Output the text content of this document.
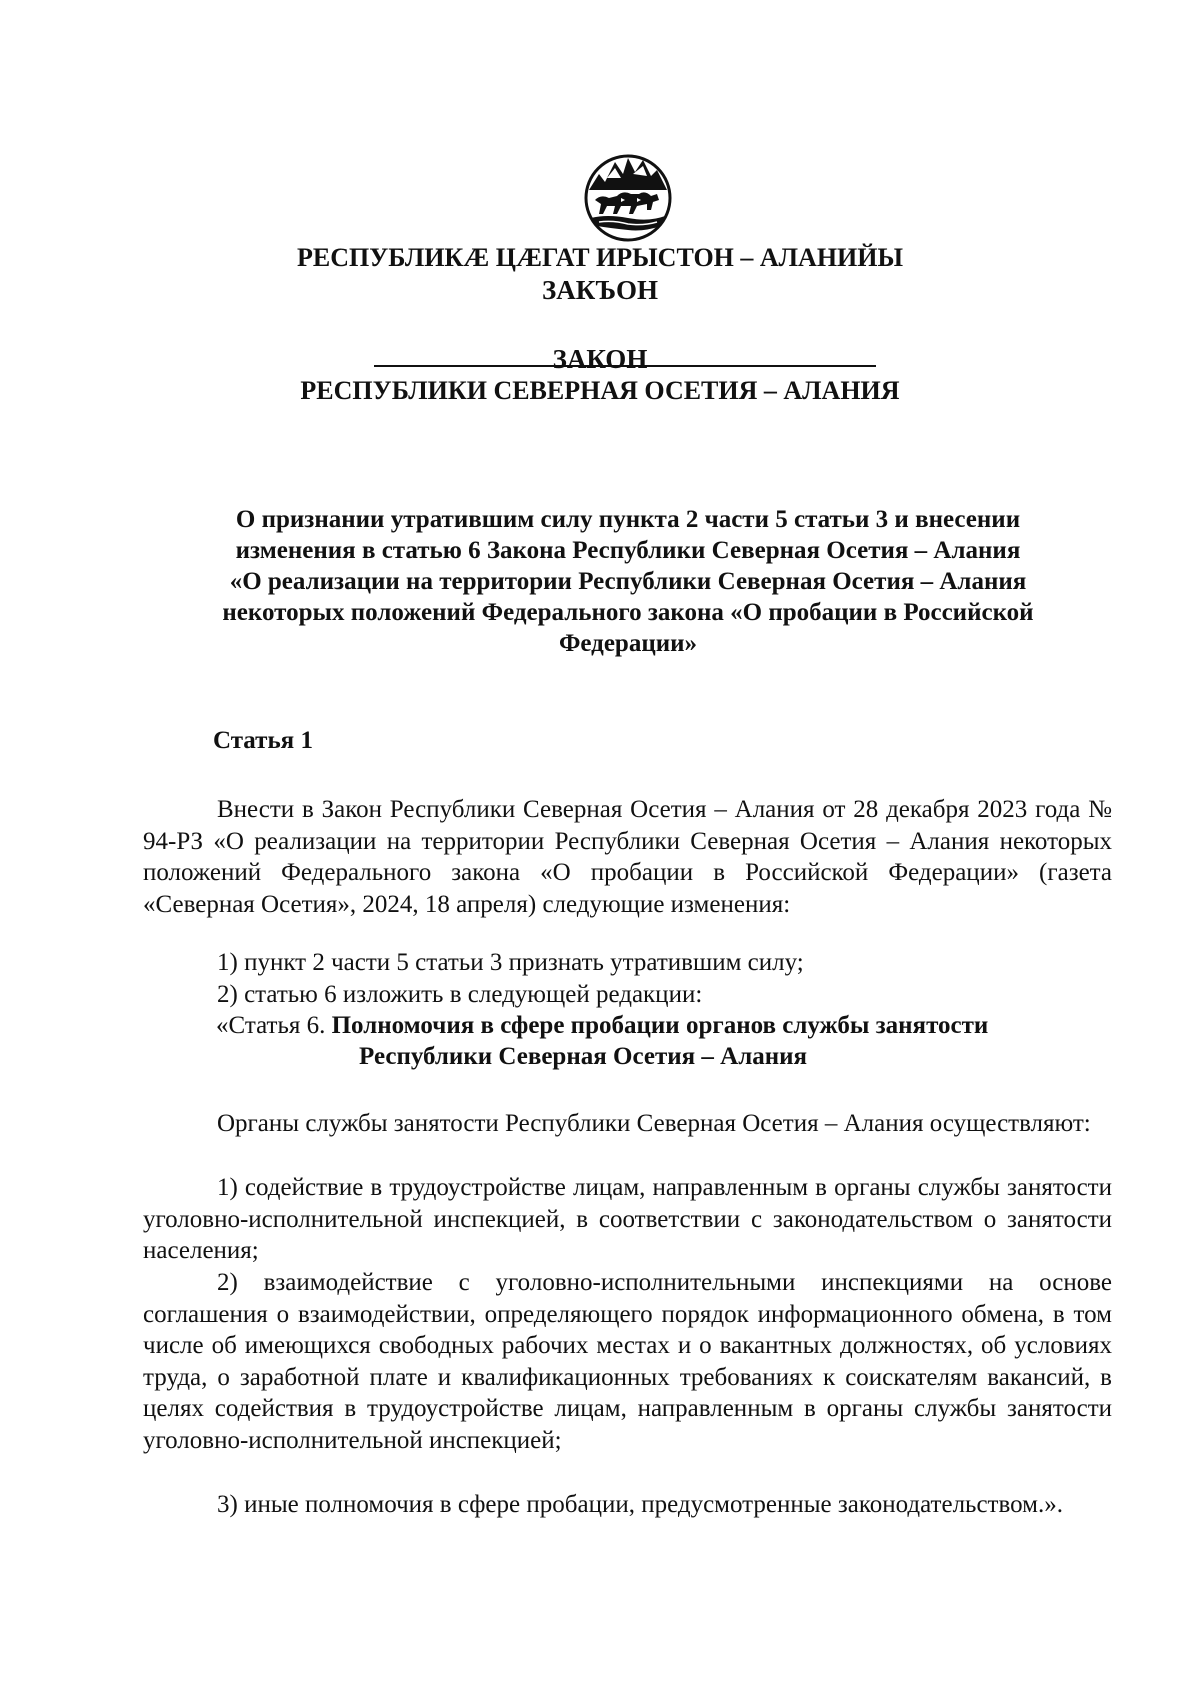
РЕСПУБЛИКÆ ЦÆГАТ ИРЫСТОН – АЛАНИЙЫ
ЗАКЪОН
ЗАКОН
РЕСПУБЛИКИ СЕВЕРНАЯ ОСЕТИЯ – АЛАНИЯ
О признании утратившим силу пункта 2 части 5 статьи 3 и внесении
изменения в статью 6 Закона Республики Северная Осетия – Алания
«О реализации на территории Республики Северная Осетия – Алания
некоторых положений Федерального закона «О пробации в Российской
Федерации»
Статья 1
Внести в Закон Республики Северная Осетия – Алания от 28 декабря 2023 года № 94-РЗ «О реализации на территории Республики Северная Осетия – Алания некоторых положений Федерального закона «О пробации в Российской Федерации» (газета «Северная Осетия», 2024, 18 апреля) следующие изменения:
1) пункт 2 части 5 статьи 3 признать утратившим силу;
2) статью 6 изложить в следующей редакции:
«Статья 6. Полномочия в сфере пробации органов службы занятости
Республики Северная Осетия – Алания
Органы службы занятости Республики Северная Осетия – Алания осуществляют:
1) содействие в трудоустройстве лицам, направленным в органы службы занятости уголовно-исполнительной инспекцией, в соответствии с законодательством о занятости населения;
2) взаимодействие с уголовно-исполнительными инспекциями на основе соглашения о взаимодействии, определяющего порядок информационного обмена, в том числе об имеющихся свободных рабочих местах и о вакантных должностях, об условиях труда, о заработной плате и квалификационных требованиях к соискателям вакансий, в целях содействия в трудоустройстве лицам, направленным в органы службы занятости уголовно-исполнительной инспекцией;
3) иные полномочия в сфере пробации, предусмотренные законодательством.».
